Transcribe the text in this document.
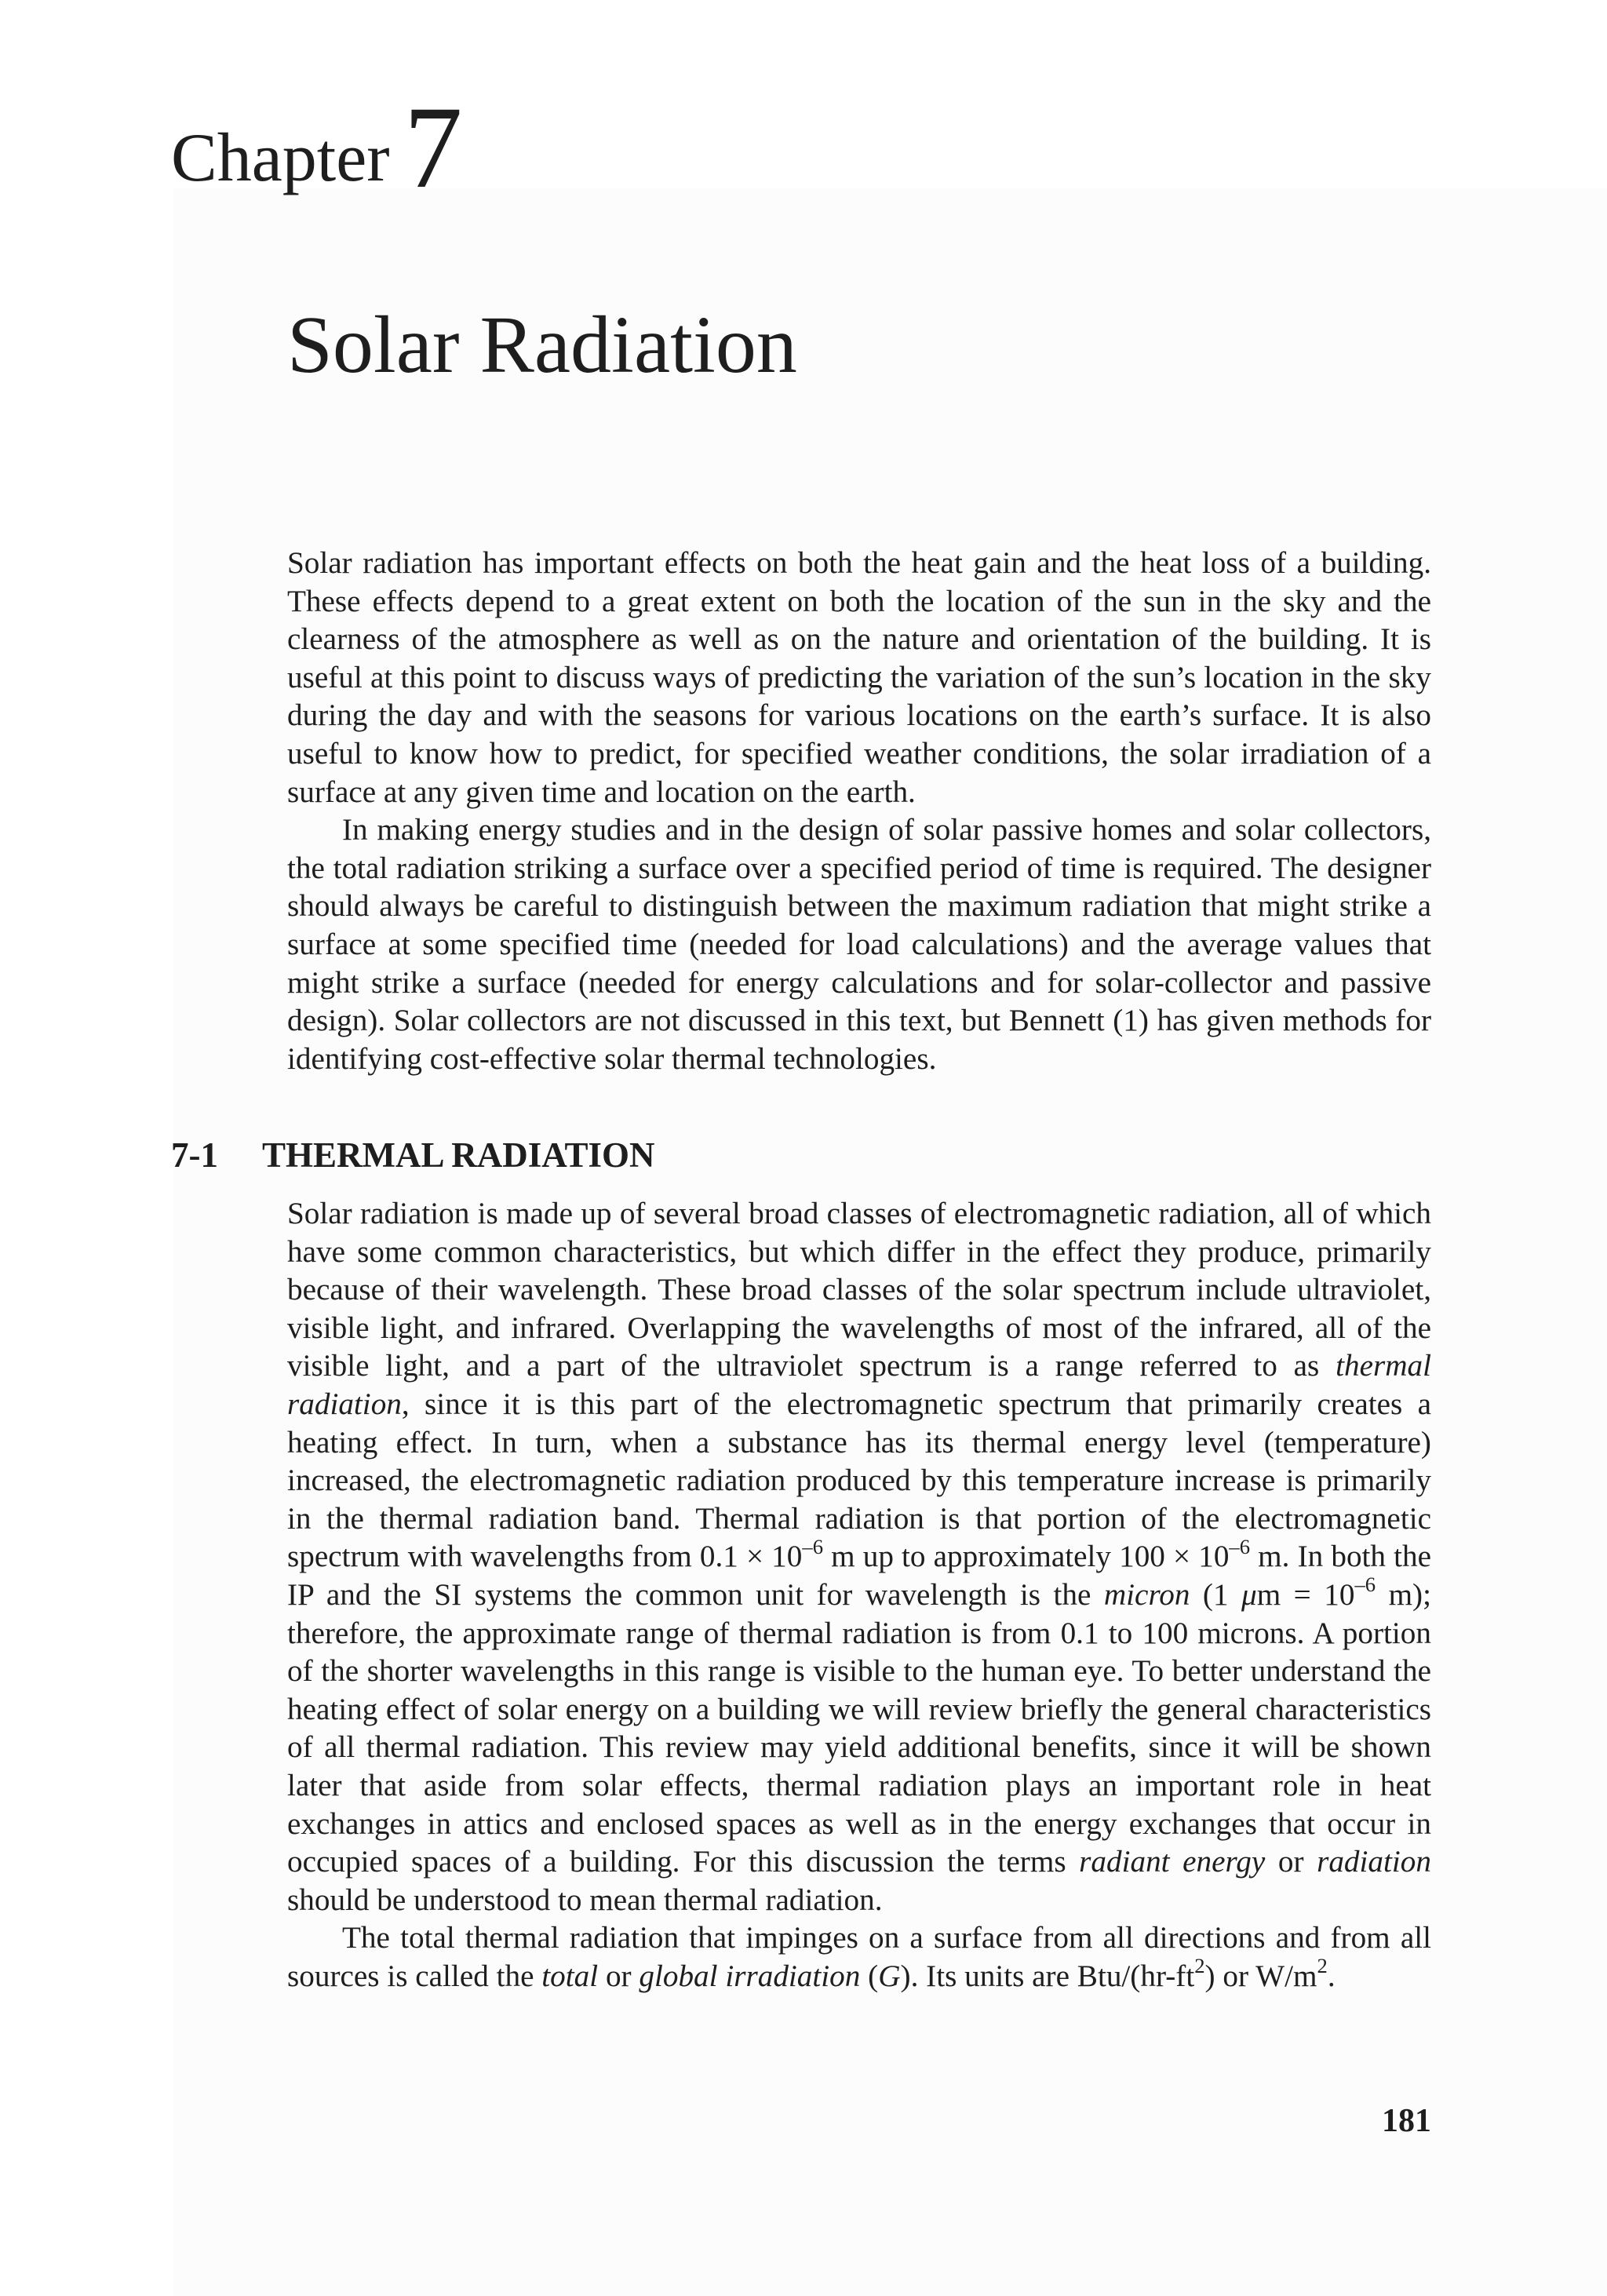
Chapter 7
Solar Radiation

Solar radiation has important effects on both the heat gain and the heat loss of a building. These effects depend to a great extent on both the location of the sun in the sky and the clearness of the atmosphere as well as on the nature and orientation of the building. It is useful at this point to discuss ways of predicting the variation of the sun’s location in the sky during the day and with the seasons for various locations on the earth’s surface. It is also useful to know how to predict, for specified weather conditions, the solar irradiation of a surface at any given time and location on the earth.

In making energy studies and in the design of solar passive homes and solar collectors, the total radiation striking a surface over a specified period of time is required. The designer should always be careful to distinguish between the maximum radiation that might strike a surface at some specified time (needed for load calculations) and the average values that might strike a surface (needed for energy calculations and for solar-collector and passive design). Solar collectors are not discussed in this text, but Bennett (1) has given methods for identifying cost-effective solar thermal technologies.

7-1 THERMAL RADIATION

Solar radiation is made up of several broad classes of electromagnetic radiation, all of which have some common characteristics, but which differ in the effect they produce, primarily because of their wavelength. These broad classes of the solar spectrum include ultraviolet, visible light, and infrared. Overlapping the wavelengths of most of the infrared, all of the visible light, and a part of the ultraviolet spectrum is a range referred to as thermal radiation, since it is this part of the electromagnetic spectrum that primarily creates a heating effect. In turn, when a substance has its thermal energy level (temperature) increased, the electromagnetic radiation produced by this temperature increase is primarily in the thermal radiation band. Thermal radiation is that portion of the electromagnetic spectrum with wavelengths from $0.1 \times 10^{-6}$ m up to approximately $100 \times 10^{-6}$ m. In both the IP and the SI systems the common unit for wavelength is the micron (1 $\mu m = 10^{-6}$ m); therefore, the approximate range of thermal radiation is from 0.1 to 100 microns. A portion of the shorter wavelengths in this range is visible to the human eye. To better understand the heating effect of solar energy on a building we will review briefly the general characteristics of all thermal radiation. This review may yield additional benefits, since it will be shown later that aside from solar effects, thermal radiation plays an important role in heat exchanges in attics and enclosed spaces as well as in the energy exchanges that occur in occupied spaces of a building. For this discussion the terms radiant energy or radiation should be understood to mean thermal radiation.

The total thermal radiation that impinges on a surface from all directions and from all sources is called the total or global irradiation (G). Its units are Btu/$(hr-ft^2)$ or $W/m^2$.

181
